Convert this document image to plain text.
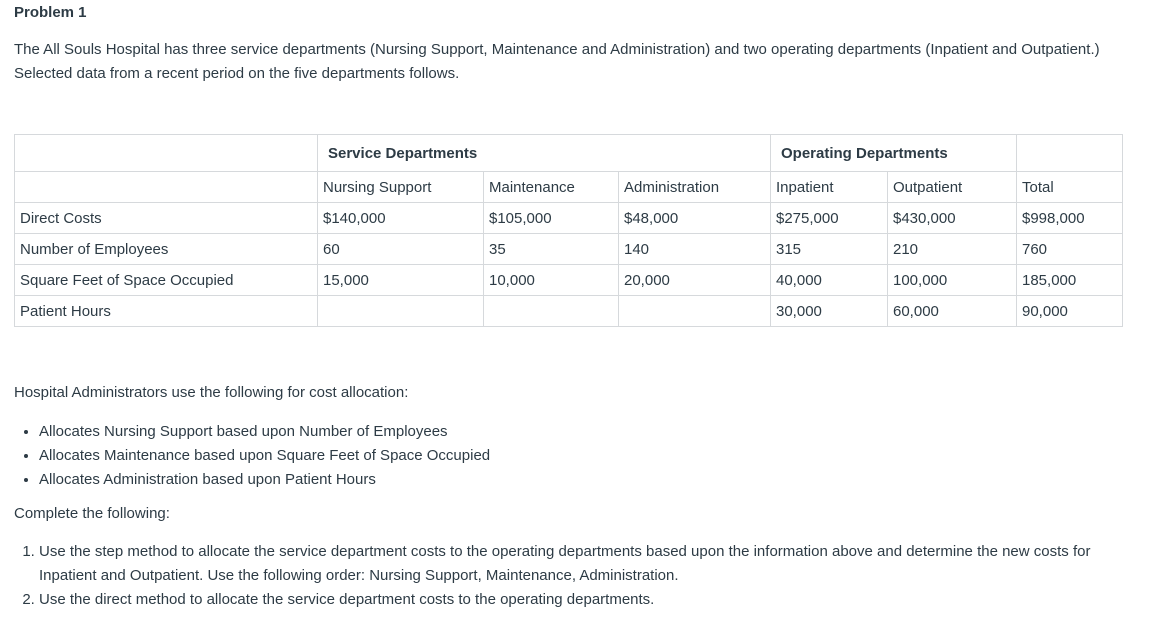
Problem 1
The All Souls Hospital has three service departments (Nursing Support, Maintenance and Administration) and two operating departments (Inpatient and Outpatient.) Selected data from a recent period on the five departments follows.
	Service Departments			Operating Departments		
	Nursing Support	Maintenance	Administration	Inpatient	Outpatient	Total
Direct Costs	$140,000	$105,000	$48,000	$275,000	$430,000	$998,000
Number of Employees	60	35	140	315	210	760
Square Feet of Space Occupied	15,000	10,000	20,000	40,000	100,000	185,000
Patient Hours				30,000	60,000	90,000
Hospital Administrators use the following for cost allocation:
• Allocates Nursing Support based upon Number of Employees
• Allocates Maintenance based upon Square Feet of Space Occupied
• Allocates Administration based upon Patient Hours
Complete the following:
1. Use the step method to allocate the service department costs to the operating departments based upon the information above and determine the new costs for Inpatient and Outpatient. Use the following order: Nursing Support, Maintenance, Administration.
2. Use the direct method to allocate the service department costs to the operating departments.
